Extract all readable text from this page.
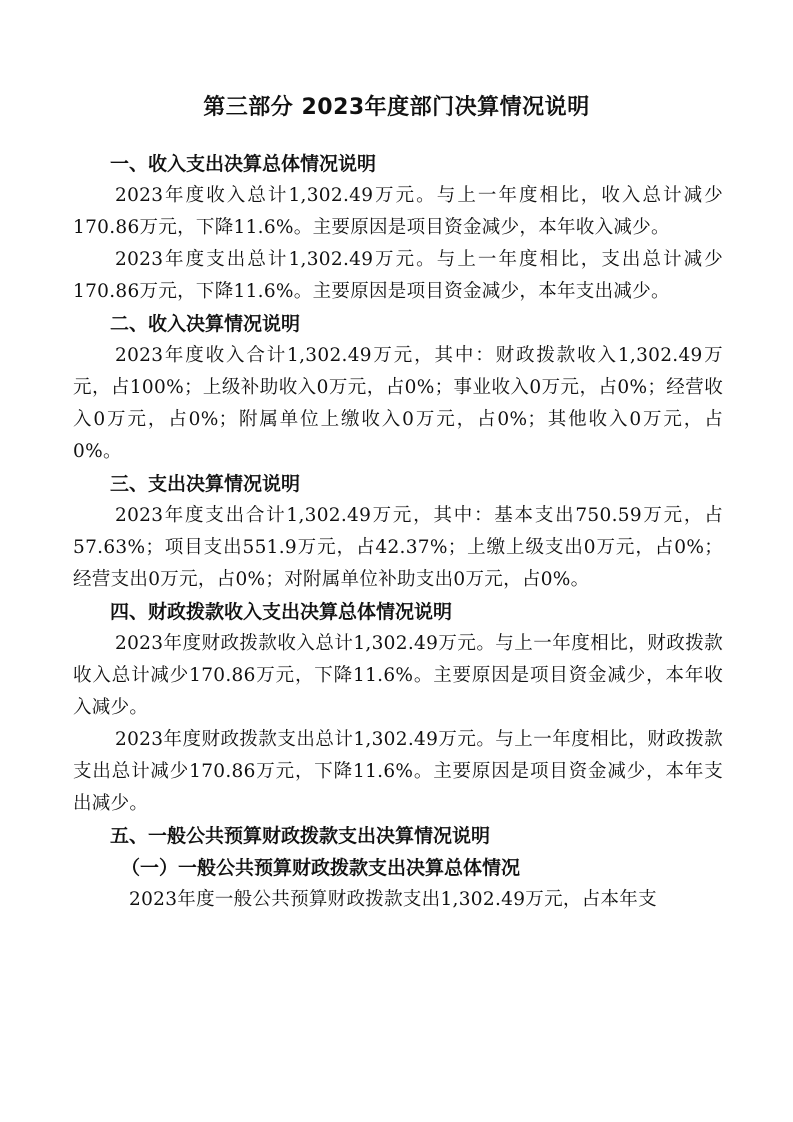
第三部分 2023年度部门决算情况说明

一、收入支出决算总体情况说明

2023年度收入总计1,302.49万元。与上一年度相比，收入总计减少170.86万元，下降11.6%。主要原因是项目资金减少，本年收入减少。

2023年度支出总计1,302.49万元。与上一年度相比，支出总计减少170.86万元，下降11.6%。主要原因是项目资金减少，本年支出减少。

二、收入决算情况说明

2023年度收入合计1,302.49万元，其中：财政拨款收入1,302.49万元，占100%；上级补助收入0万元，占0%；事业收入0万元，占0%；经营收入0万元，占0%；附属单位上缴收入0万元，占0%；其他收入0万元，占0%。

三、支出决算情况说明

2023年度支出合计1,302.49万元，其中：基本支出750.59万元，占57.63%；项目支出551.9万元，占42.37%；上缴上级支出0万元，占0%；经营支出0万元，占0%；对附属单位补助支出0万元，占0%。

四、财政拨款收入支出决算总体情况说明

2023年度财政拨款收入总计1,302.49万元。与上一年度相比，财政拨款收入总计减少170.86万元，下降11.6%。主要原因是项目资金减少，本年收入减少。

2023年度财政拨款支出总计1,302.49万元。与上一年度相比，财政拨款支出总计减少170.86万元，下降11.6%。主要原因是项目资金减少，本年支出减少。

五、一般公共预算财政拨款支出决算情况说明

（一）一般公共预算财政拨款支出决算总体情况

2023年度一般公共预算财政拨款支出1,302.49万元，占本年支
